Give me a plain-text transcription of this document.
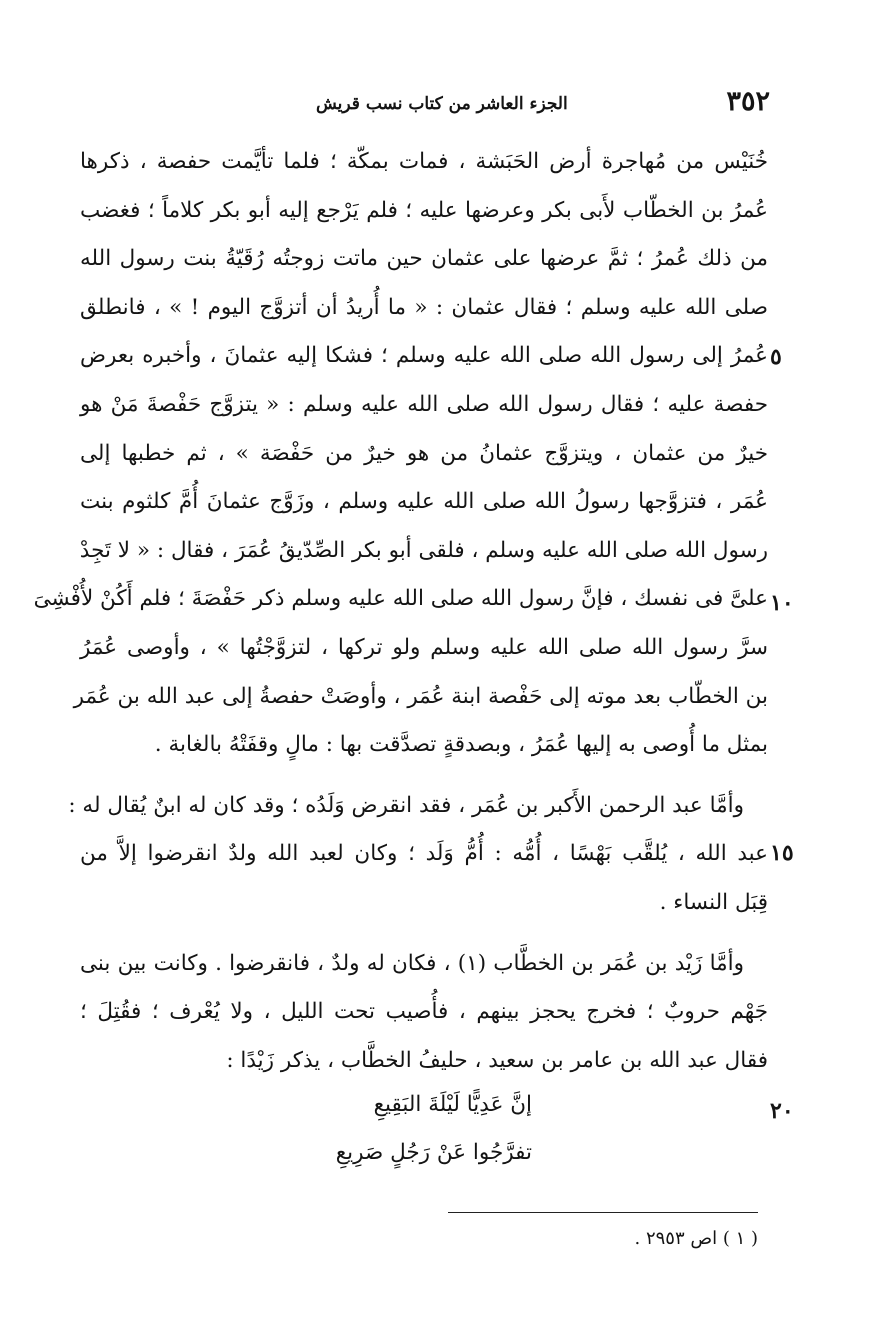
٣٥٢
الجزء العاشر من كتاب نسب قريش
خُنَيْس من مُهاجرة أرض الحَبَشة ، فمات بمكّة ؛ فلما تأيَّمت حفصة ، ذكرها
عُمرُ بن الخطّاب لأَبى بكر وعرضها عليه ؛ فلم يَرْجع إليه أبو بكر كلاماً ؛ فغضب
من ذلك عُمرُ ؛ ثمَّ عرضها على عثمان حين ماتت زوجتُه رُقَيّةُ بنت رسول الله
صلى الله عليه وسلم ؛ فقال عثمان : « ما أُريدُ أن أتزوَّج اليوم ! » ، فانطلق
عُمرُ إلى رسول الله صلى الله عليه وسلم ؛ فشكا إليه عثمانَ ، وأخبره بعرض
حفصة عليه ؛ فقال رسول الله صلى الله عليه وسلم : « يتزوَّج حَفْصةَ مَنْ هو
خيرٌ من عثمان ، ويتزوَّج عثمانُ من هو خيرٌ من حَفْصَة » ، ثم خطبها إلى
عُمَر ، فتزوَّجها رسولُ الله صلى الله عليه وسلم ، وزَوَّج عثمانَ أُمَّ كلثوم بنت
رسول الله صلى الله عليه وسلم ، فلقى أبو بكر الصِّدّيقُ عُمَرَ ، فقال : « لا تَجِدْ
علىَّ فى نفسك ، فإنَّ رسول الله صلى الله عليه وسلم ذكر حَفْصَةَ ؛ فلم أَكُنْ لأُفْشِىَ
سرَّ رسول الله صلى الله عليه وسلم ولو تركها ، لتزوَّجْتُها » ، وأوصى عُمَرُ
بن الخطّاب بعد موته إلى حَفْصة ابنة عُمَر ، وأوصَتْ حفصةُ إلى عبد الله بن عُمَر
بمثل ما أُوصى به إليها عُمَرُ ، وبصدقةٍ تصدَّقت بها : مالٍ وقفَتْهُ بالغابة .
وأمَّا عبد الرحمن الأَكبر بن عُمَر ، فقد انقرض وَلَدُه ؛ وقد كان له ابنٌ يُقال له :
عبد الله ، يُلقَّب بَهْسًا ، أُمُّه : أُمُّ وَلَد ؛ وكان لعبد الله ولدٌ انقرضوا إلاَّ من
قِبَل النساء .
وأمَّا زَيْد بن عُمَر بن الخطَّاب (١) ، فكان له ولدٌ ، فانقرضوا . وكانت بين بنى
جَهْم حروبٌ ؛ فخرج يحجز بينهم ، فأُصيب تحت الليل ، ولا يُعْرف ؛ فقُتِلَ ؛
فقال عبد الله بن عامر بن سعيد ، حليفُ الخطَّاب ، يذكر زَيْدًا :
إنَّ عَدِيًّا لَيْلَةَ البَقِيعِ
تفرَّجُوا عَنْ رَجُلٍ صَرِيعِ
٥
١٠
١٥
٢٠
( ١ ) اص ٢٩٥٣ .
